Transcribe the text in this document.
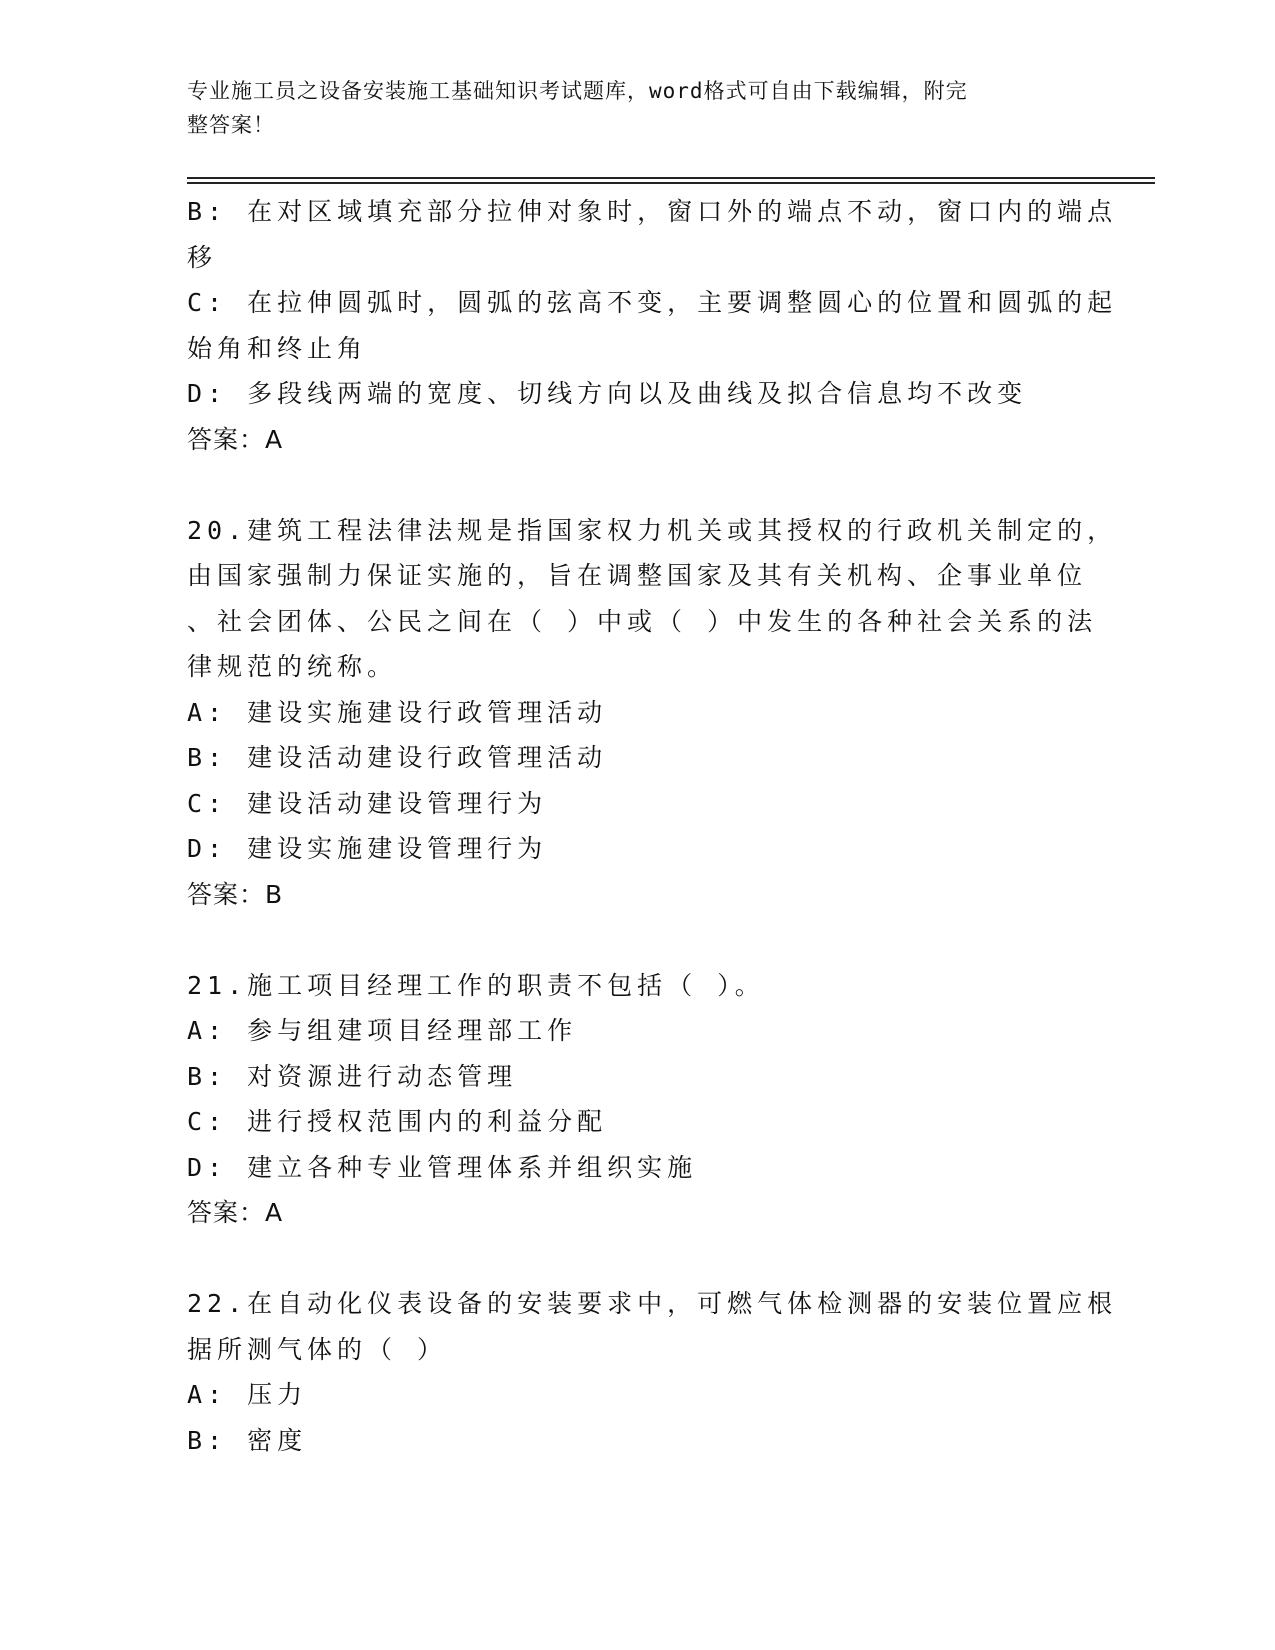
专业施工员之设备安装施工基础知识考试题库，word格式可自由下载编辑，附完
整答案！
B: 在对区域填充部分拉伸对象时，窗口外的端点不动，窗口内的端点
移
C: 在拉伸圆弧时，圆弧的弦高不变，主要调整圆心的位置和圆弧的起
始角和终止角
D: 多段线两端的宽度、切线方向以及曲线及拟合信息均不改变
答案：A
20.建筑工程法律法规是指国家权力机关或其授权的行政机关制定的，
由国家强制力保证实施的，旨在调整国家及其有关机构、企事业单位
、社会团体、公民之间在（ ）中或（ ）中发生的各种社会关系的法
律规范的统称。
A: 建设实施建设行政管理活动
B: 建设活动建设行政管理活动
C: 建设活动建设管理行为
D: 建设实施建设管理行为
答案：B
21.施工项目经理工作的职责不包括（ ）。
A: 参与组建项目经理部工作
B: 对资源进行动态管理
C: 进行授权范围内的利益分配
D: 建立各种专业管理体系并组织实施
答案：A
22.在自动化仪表设备的安装要求中，可燃气体检测器的安装位置应根
据所测气体的（ ）
A: 压力
B: 密度
